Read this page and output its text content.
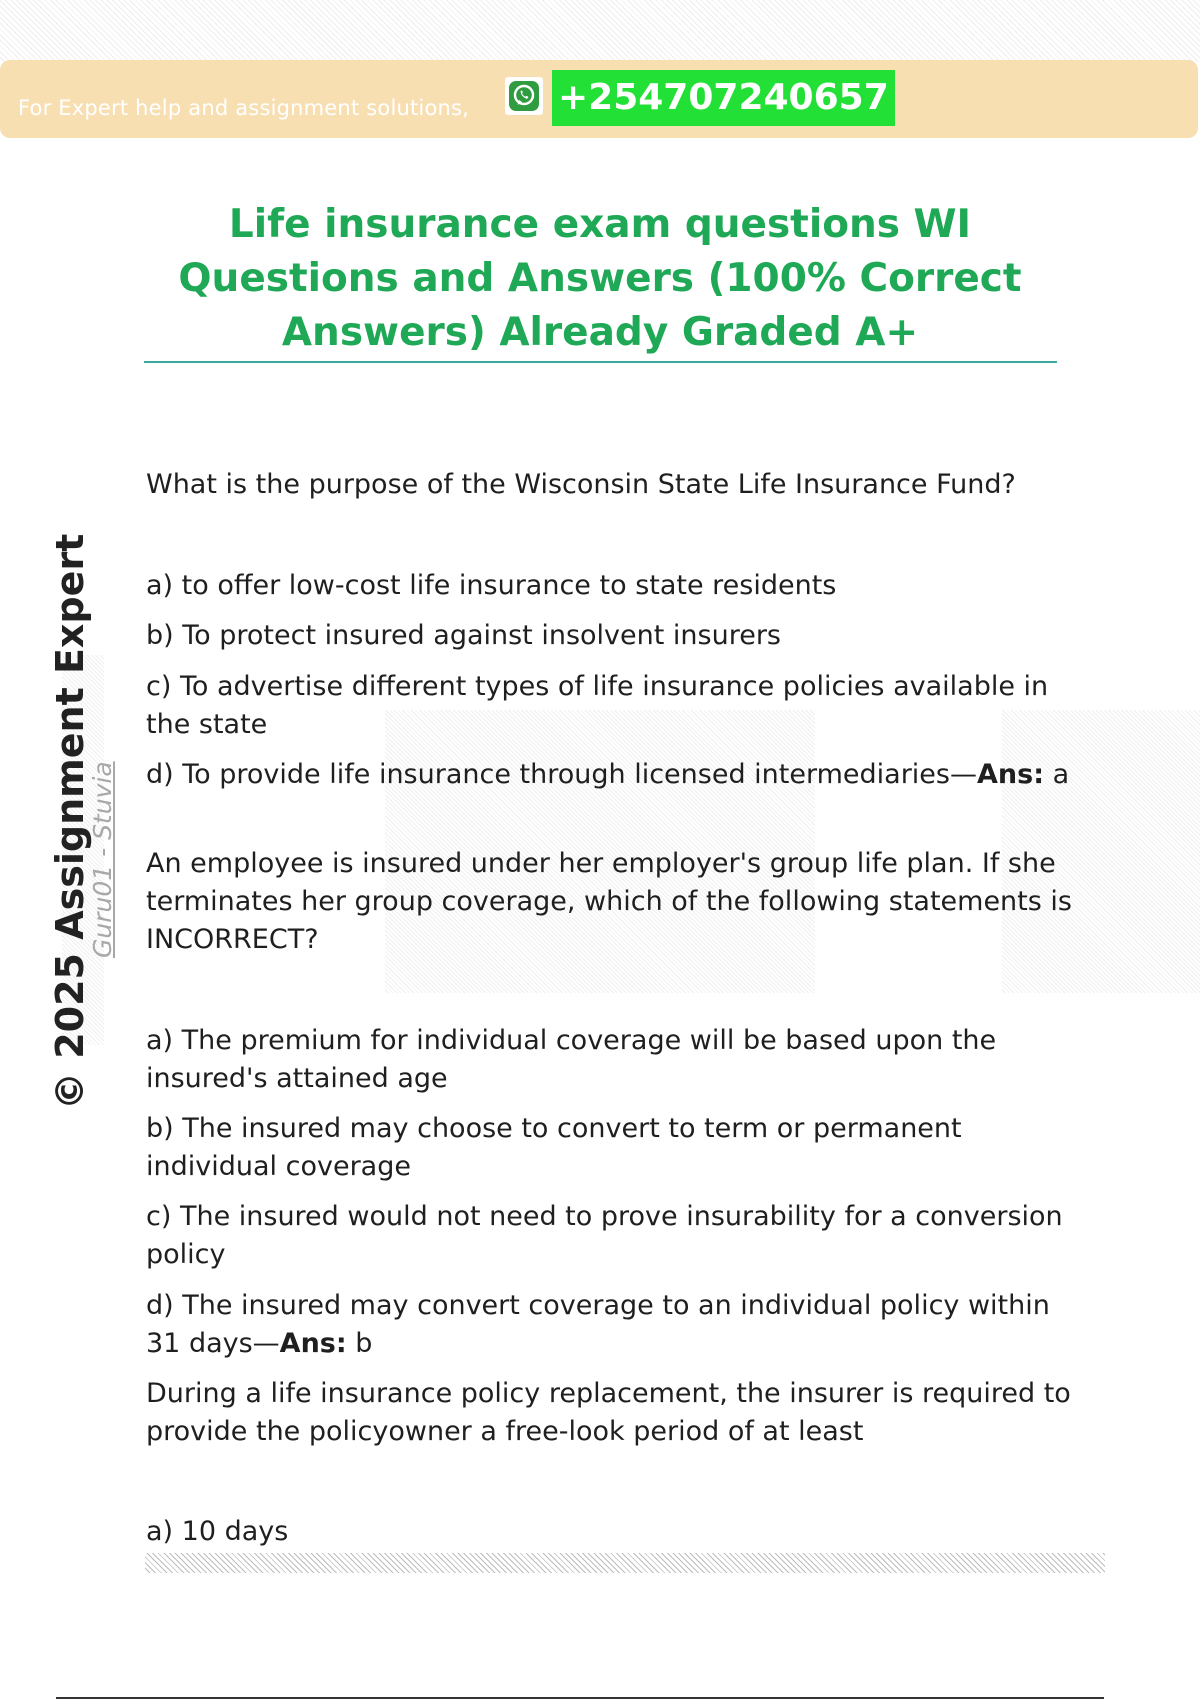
For Expert help and assignment solutions, +254707240657
Life insurance exam questions WI Questions and Answers (100% Correct Answers) Already Graded A+
© 2025 Assignment Expert
Guru01 - Stuvia

What is the purpose of the Wisconsin State Life Insurance Fund?

a) to offer low-cost life insurance to state residents

b) To protect insured against insolvent insurers

c) To advertise different types of life insurance policies available in the state

d) To provide life insurance through licensed intermediaries—Ans: a

An employee is insured under her employer's group life plan. If she terminates her group coverage, which of the following statements is INCORRECT?

a) The premium for individual coverage will be based upon the insured's attained age

b) The insured may choose to convert to term or permanent individual coverage

c) The insured would not need to prove insurability for a conversion policy

d) The insured may convert coverage to an individual policy within 31 days—Ans: b

During a life insurance policy replacement, the insurer is required to provide the policyowner a free-look period of at least

a) 10 days
